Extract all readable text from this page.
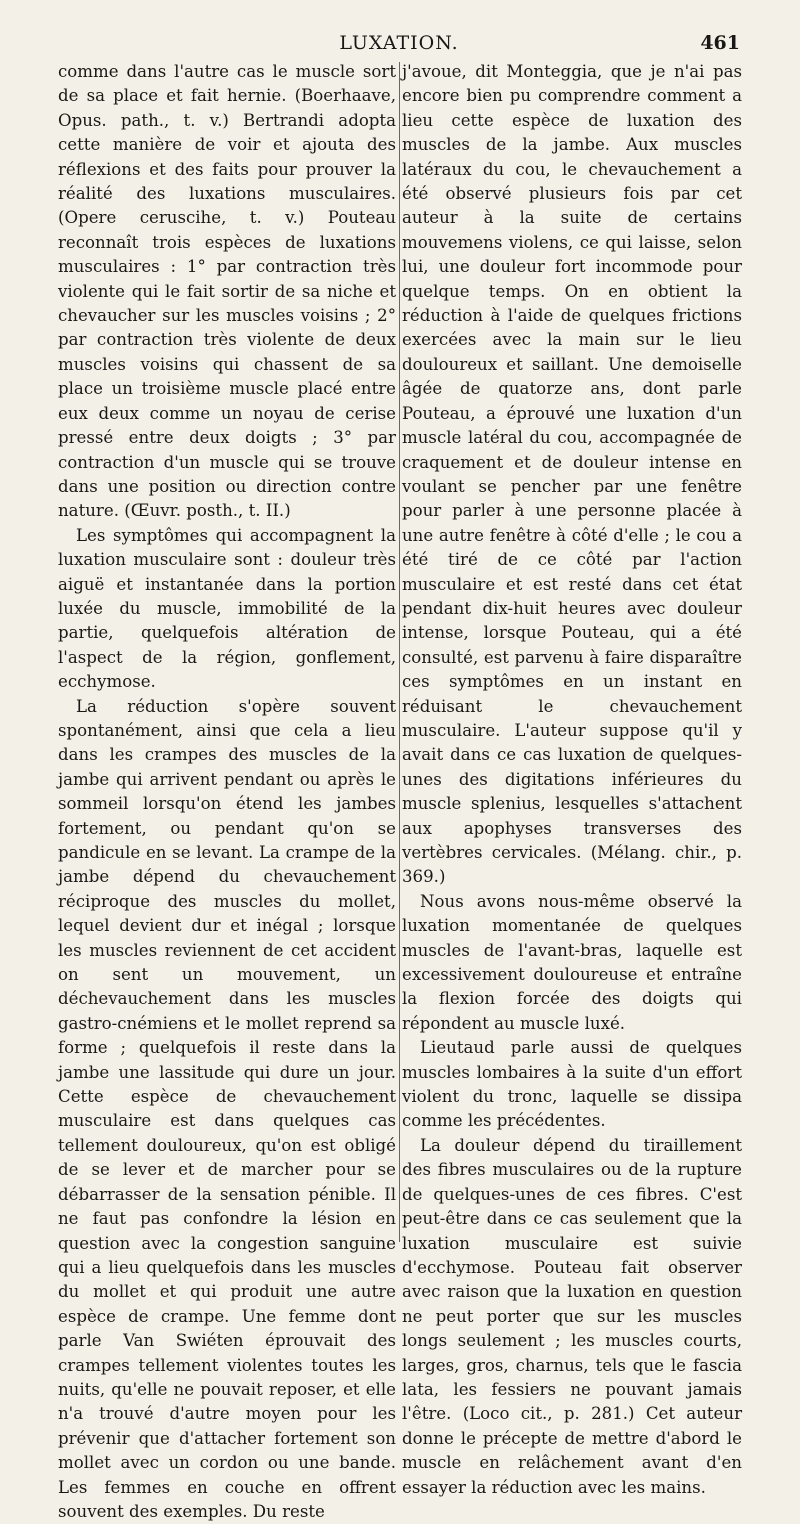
LUXATION.	461

comme dans l'autre cas le muscle sort de sa place et fait hernie. (Boerhaave, Opus. path., t. v.) Bertrandi adopta cette manière de voir et ajouta des réflexions et des faits pour prouver la réalité des luxations musculaires. (Opere ceruscihe, t. v.) Pouteau reconnaît trois espèces de luxations musculaires : 1° par contraction très violente qui le fait sortir de sa niche et chevaucher sur les muscles voisins ; 2° par contraction très violente de deux muscles voisins qui chassent de sa place un troisième muscle placé entre eux deux comme un noyau de cerise pressé entre deux doigts ; 3° par contraction d'un muscle qui se trouve dans une position ou direction contre nature. (Œuvr. posth., t. II.)

Les symptômes qui accompagnent la luxation musculaire sont : douleur très aiguë et instantanée dans la portion luxée du muscle, immobilité de la partie, quelquefois altération de l'aspect de la région, gonflement, ecchymose.

La réduction s'opère souvent spontanément, ainsi que cela a lieu dans les crampes des muscles de la jambe qui arrivent pendant ou après le sommeil lorsqu'on étend les jambes fortement, ou pendant qu'on se pandicule en se levant. La crampe de la jambe dépend du chevauchement réciproque des muscles du mollet, lequel devient dur et inégal ; lorsque les muscles reviennent de cet accident on sent un mouvement, un déchevauchement dans les muscles gastro-cnémiens et le mollet reprend sa forme ; quelquefois il reste dans la jambe une lassitude qui dure un jour. Cette espèce de chevauchement musculaire est dans quelques cas tellement douloureux, qu'on est obligé de se lever et de marcher pour se débarrasser de la sensation pénible. Il ne faut pas confondre la lésion en question avec la congestion sanguine qui a lieu quelquefois dans les muscles du mollet et qui produit une autre espèce de crampe. Une femme dont parle Van Swiéten éprouvait des crampes tellement violentes toutes les nuits, qu'elle ne pouvait reposer, et elle n'a trouvé d'autre moyen pour les prévenir que d'attacher fortement son mollet avec un cordon ou une bande. Les femmes en couche en offrent souvent des exemples. Du reste

j'avoue, dit Monteggia, que je n'ai pas encore bien pu comprendre comment a lieu cette espèce de luxation des muscles de la jambe. Aux muscles latéraux du cou, le chevauchement a été observé plusieurs fois par cet auteur à la suite de certains mouvemens violens, ce qui laisse, selon lui, une douleur fort incommode pour quelque temps. On en obtient la réduction à l'aide de quelques frictions exercées avec la main sur le lieu douloureux et saillant. Une demoiselle âgée de quatorze ans, dont parle Pouteau, a éprouvé une luxation d'un muscle latéral du cou, accompagnée de craquement et de douleur intense en voulant se pencher par une fenêtre pour parler à une personne placée à une autre fenêtre à côté d'elle ; le cou a été tiré de ce côté par l'action musculaire et est resté dans cet état pendant dix-huit heures avec douleur intense, lorsque Pouteau, qui a été consulté, est parvenu à faire disparaître ces symptômes en un instant en réduisant le chevauchement musculaire. L'auteur suppose qu'il y avait dans ce cas luxation de quelques-unes des digitations inférieures du muscle splenius, lesquelles s'attachent aux apophyses transverses des vertèbres cervicales. (Mélang. chir., p. 369.)

Nous avons nous-même observé la luxation momentanée de quelques muscles de l'avant-bras, laquelle est excessivement douloureuse et entraîne la flexion forcée des doigts qui répondent au muscle luxé.

Lieutaud parle aussi de quelques muscles lombaires à la suite d'un effort violent du tronc, laquelle se dissipa comme les précédentes.

La douleur dépend du tiraillement des fibres musculaires ou de la rupture de quelques-unes de ces fibres. C'est peut-être dans ce cas seulement que la luxation musculaire est suivie d'ecchymose. Pouteau fait observer avec raison que la luxation en question ne peut porter que sur les muscles longs seulement ; les muscles courts, larges, gros, charnus, tels que le fascia lata, les fessiers ne pouvant jamais l'être. (Loco cit., p. 281.) Cet auteur donne le précepte de mettre d'abord le muscle en relâchement avant d'en essayer la réduction avec les mains.
